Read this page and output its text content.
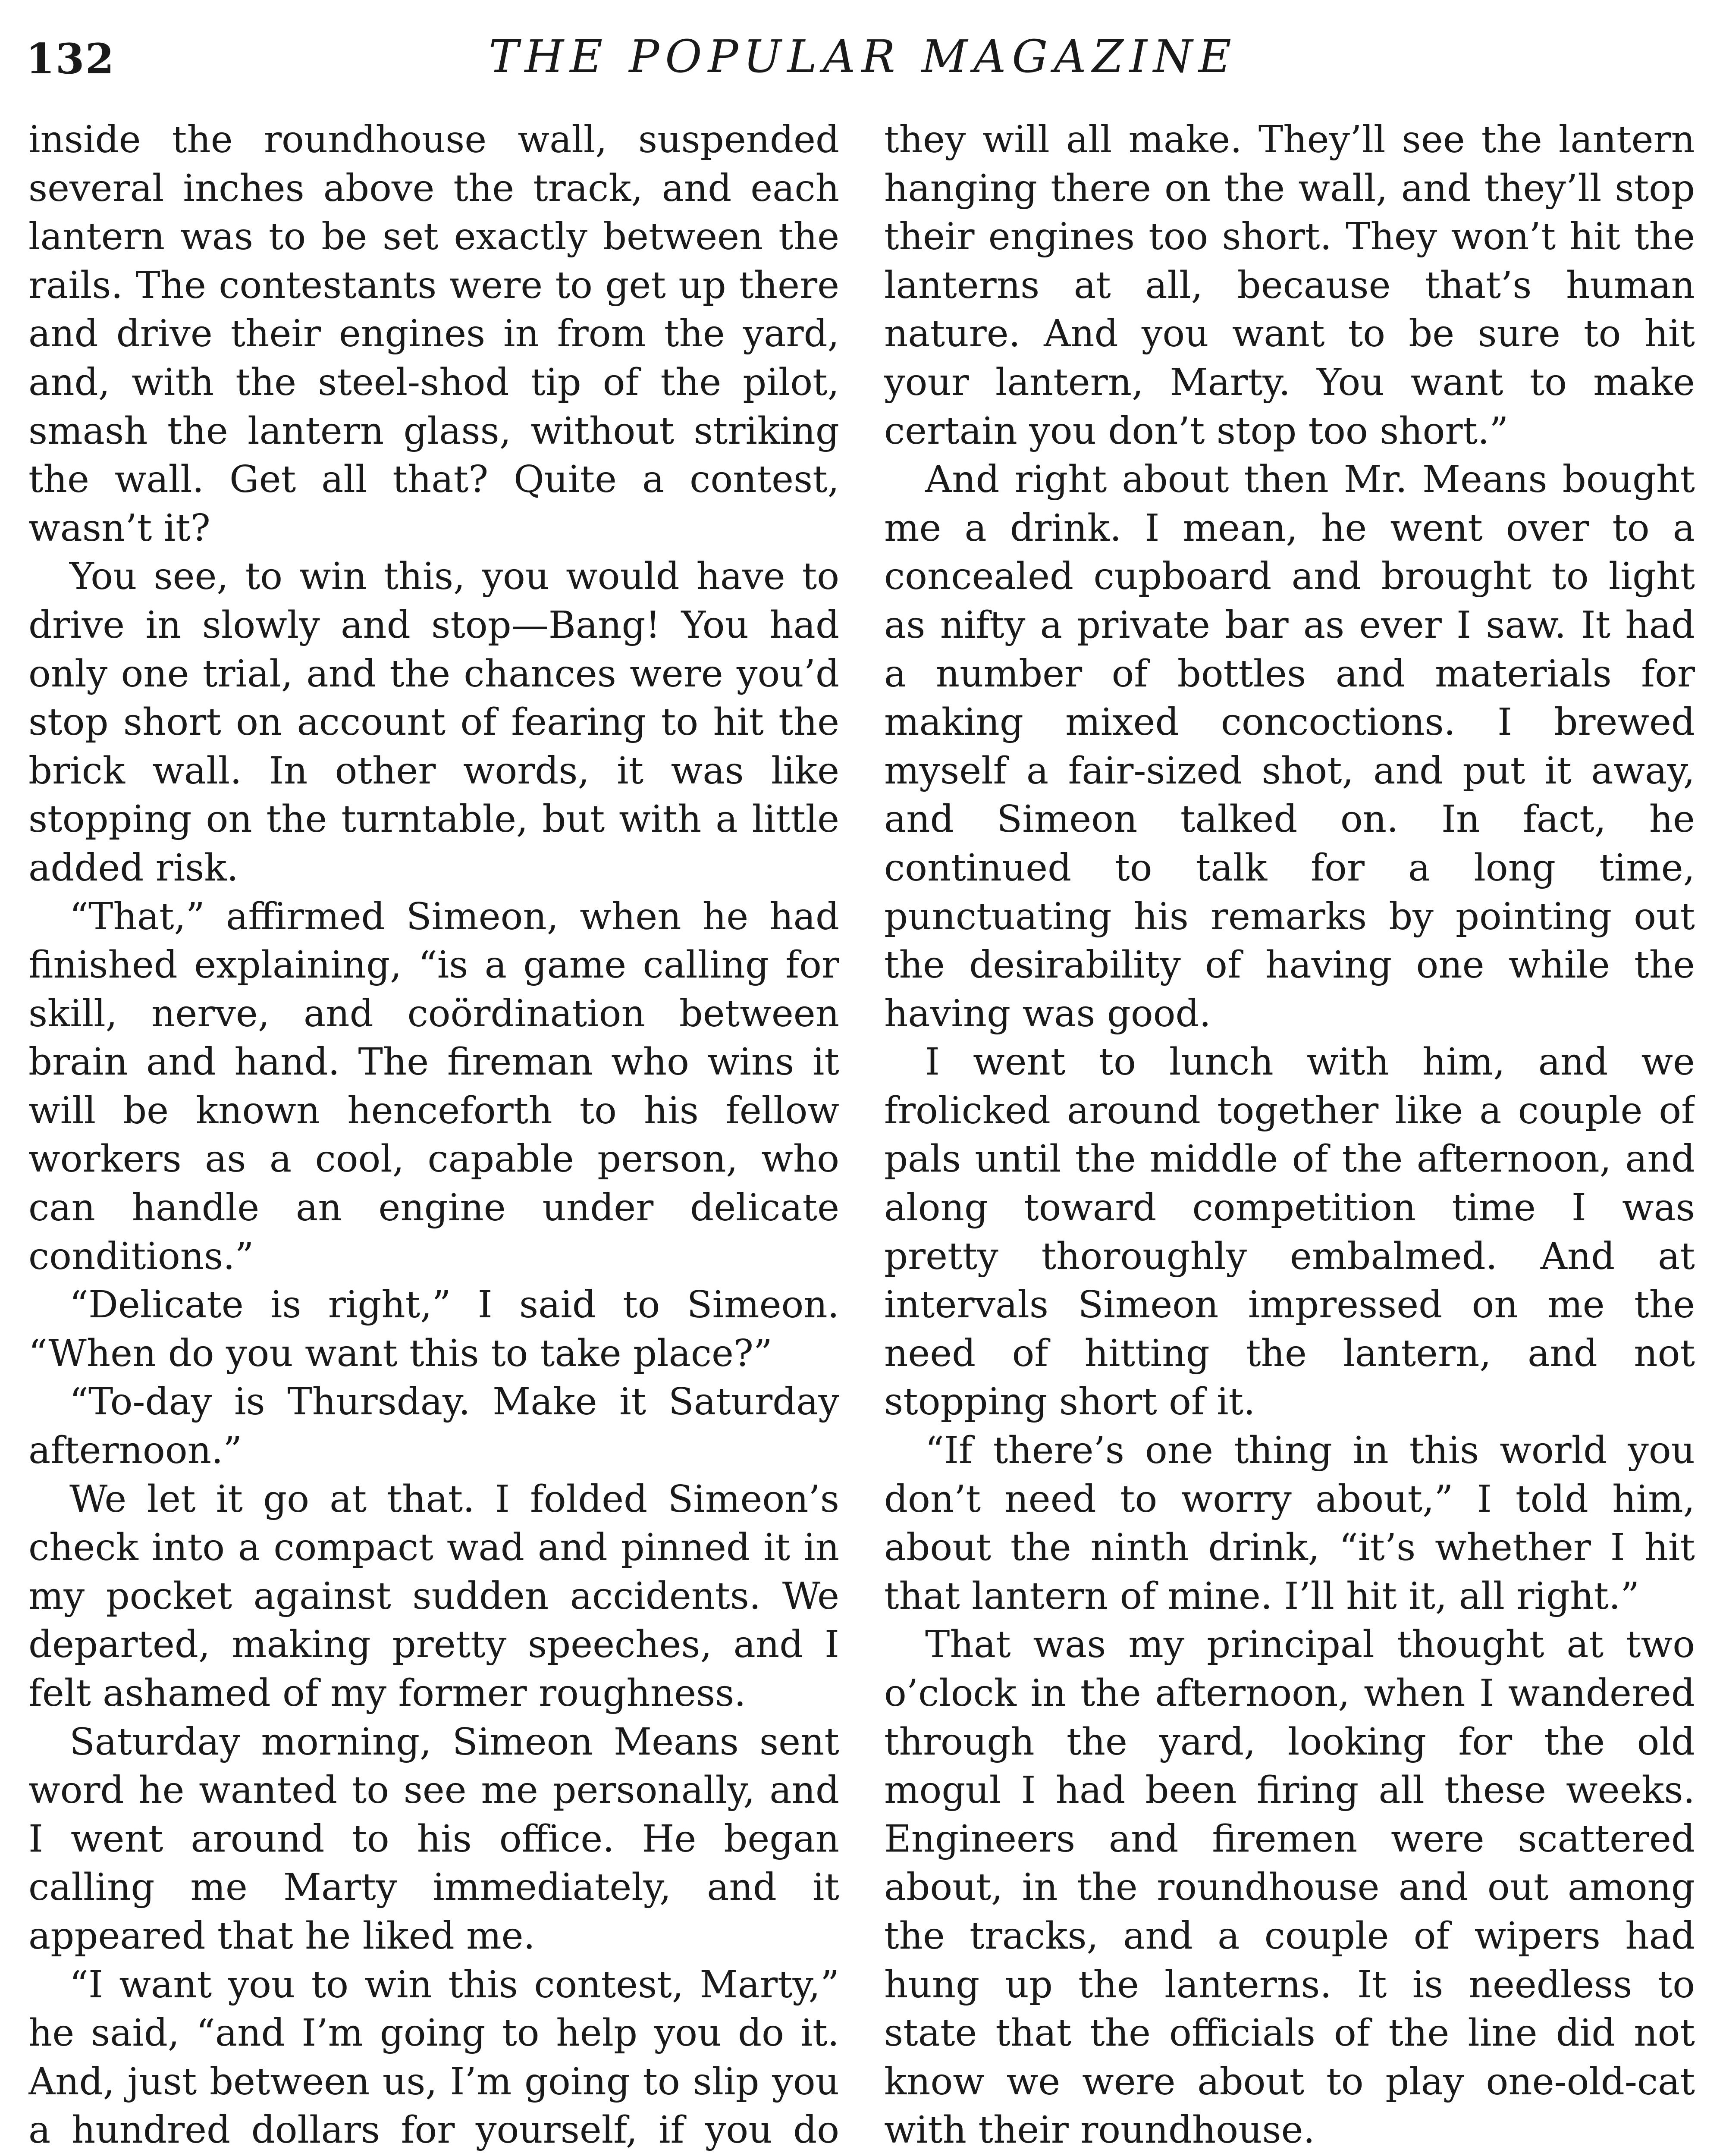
132	THE POPULAR MAGAZINE

inside the roundhouse wall, suspended several inches above the track, and each lantern was to be set exactly between the rails. The contestants were to get up there and drive their engines in from the yard, and, with the steel-shod tip of the pilot, smash the lantern glass, without striking the wall. Get all that? Quite a contest, wasn’t it?

You see, to win this, you would have to drive in slowly and stop—Bang! You had only one trial, and the chances were you’d stop short on account of fearing to hit the brick wall. In other words, it was like stopping on the turntable, but with a little added risk.

“That,” affirmed Simeon, when he had finished explaining, “is a game calling for skill, nerve, and coördination between brain and hand. The fireman who wins it will be known henceforth to his fellow workers as a cool, capable person, who can handle an engine under delicate conditions.”

“Delicate is right,” I said to Simeon. “When do you want this to take place?”

“To-day is Thursday. Make it Saturday afternoon.”

We let it go at that. I folded Simeon’s check into a compact wad and pinned it in my pocket against sudden accidents. We departed, making pretty speeches, and I felt ashamed of my former roughness.

Saturday morning, Simeon Means sent word he wanted to see me personally, and I went around to his office. He began calling me Marty immediately, and it appeared that he liked me.

“I want you to win this contest, Marty,” he said, “and I’m going to help you do it. And, just between us, I’m going to slip you a hundred dollars for yourself, if you do

they will all make. They’ll see the lantern hanging there on the wall, and they’ll stop their engines too short. They won’t hit the lanterns at all, because that’s human nature. And you want to be sure to hit your lantern, Marty. You want to make certain you don’t stop too short.”

And right about then Mr. Means bought me a drink. I mean, he went over to a concealed cupboard and brought to light as nifty a private bar as ever I saw. It had a number of bottles and materials for making mixed concoctions. I brewed myself a fair-sized shot, and put it away, and Simeon talked on. In fact, he continued to talk for a long time, punctuating his remarks by pointing out the desirability of having one while the having was good.

I went to lunch with him, and we frolicked around together like a couple of pals until the middle of the afternoon, and along toward competition time I was pretty thoroughly embalmed. And at intervals Simeon impressed on me the need of hitting the lantern, and not stopping short of it.

“If there’s one thing in this world you don’t need to worry about,” I told him, about the ninth drink, “it’s whether I hit that lantern of mine. I’ll hit it, all right.”

That was my principal thought at two o’clock in the afternoon, when I wandered through the yard, looking for the old mogul I had been firing all these weeks. Engineers and firemen were scattered about, in the roundhouse and out among the tracks, and a couple of wipers had hung up the lanterns. It is needless to state that the officials of the line did not know we were about to play one-old-cat with their roundhouse.
